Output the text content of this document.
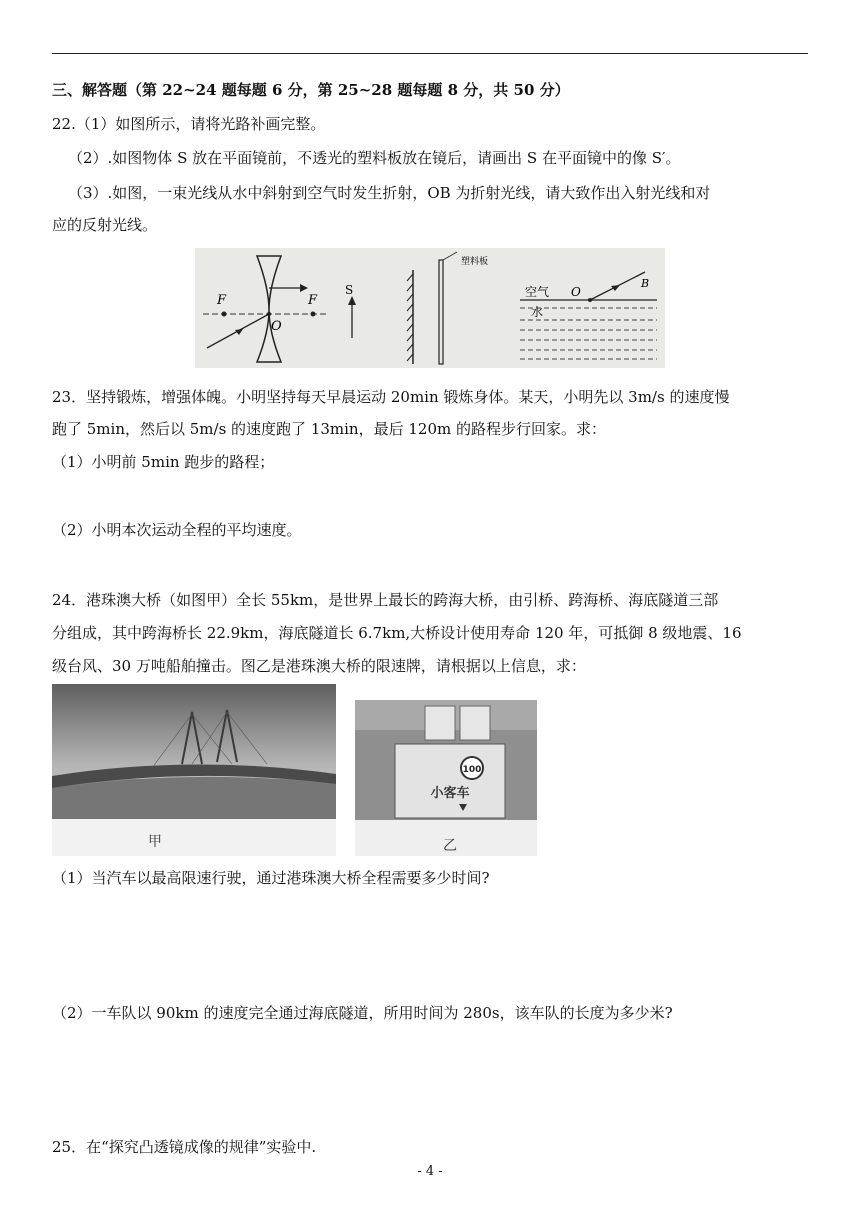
三、解答题（第 22~24 题每题 6 分，第 25~28 题每题 8 分，共 50 分）
22.（1）如图所示，请将光路补画完整。
（2）.如图物体 S 放在平面镜前，不透光的塑料板放在镜后，请画出 S 在平面镜中的像 S′。
（3）.如图，一束光线从水中斜射到空气时发生折射，OB 为折射光线，请大致作出入射光线和对
应的反射光线。
F	F
O
S
塑料板
空气
水
O
B
23．坚持锻炼，增强体魄。小明坚持每天早晨运动 20min 锻炼身体。某天，小明先以 3m/s 的速度慢
跑了 5min，然后以 5m/s 的速度跑了 13min，最后 120m 的路程步行回家。求：
（1）小明前 5min 跑步的路程；
（2）小明本次运动全程的平均速度。
24．港珠澳大桥（如图甲）全长 55km，是世界上最长的跨海大桥，由引桥、跨海桥、海底隧道三部
分组成，其中跨海桥长 22.9km，海底隧道长 6.7km,大桥设计使用寿命 120 年，可抵御 8 级地震、16
级台风、30 万吨船舶撞击。图乙是港珠澳大桥的限速牌，请根据以上信息，求：
甲
100
小客车
乙
（1）当汽车以最高限速行驶，通过港珠澳大桥全程需要多少时间?
（2）一车队以 90km 的速度完全通过海底隧道，所用时间为 280s，该车队的长度为多少米?
25．在“探究凸透镜成像的规律”实验中.
- 4 -
